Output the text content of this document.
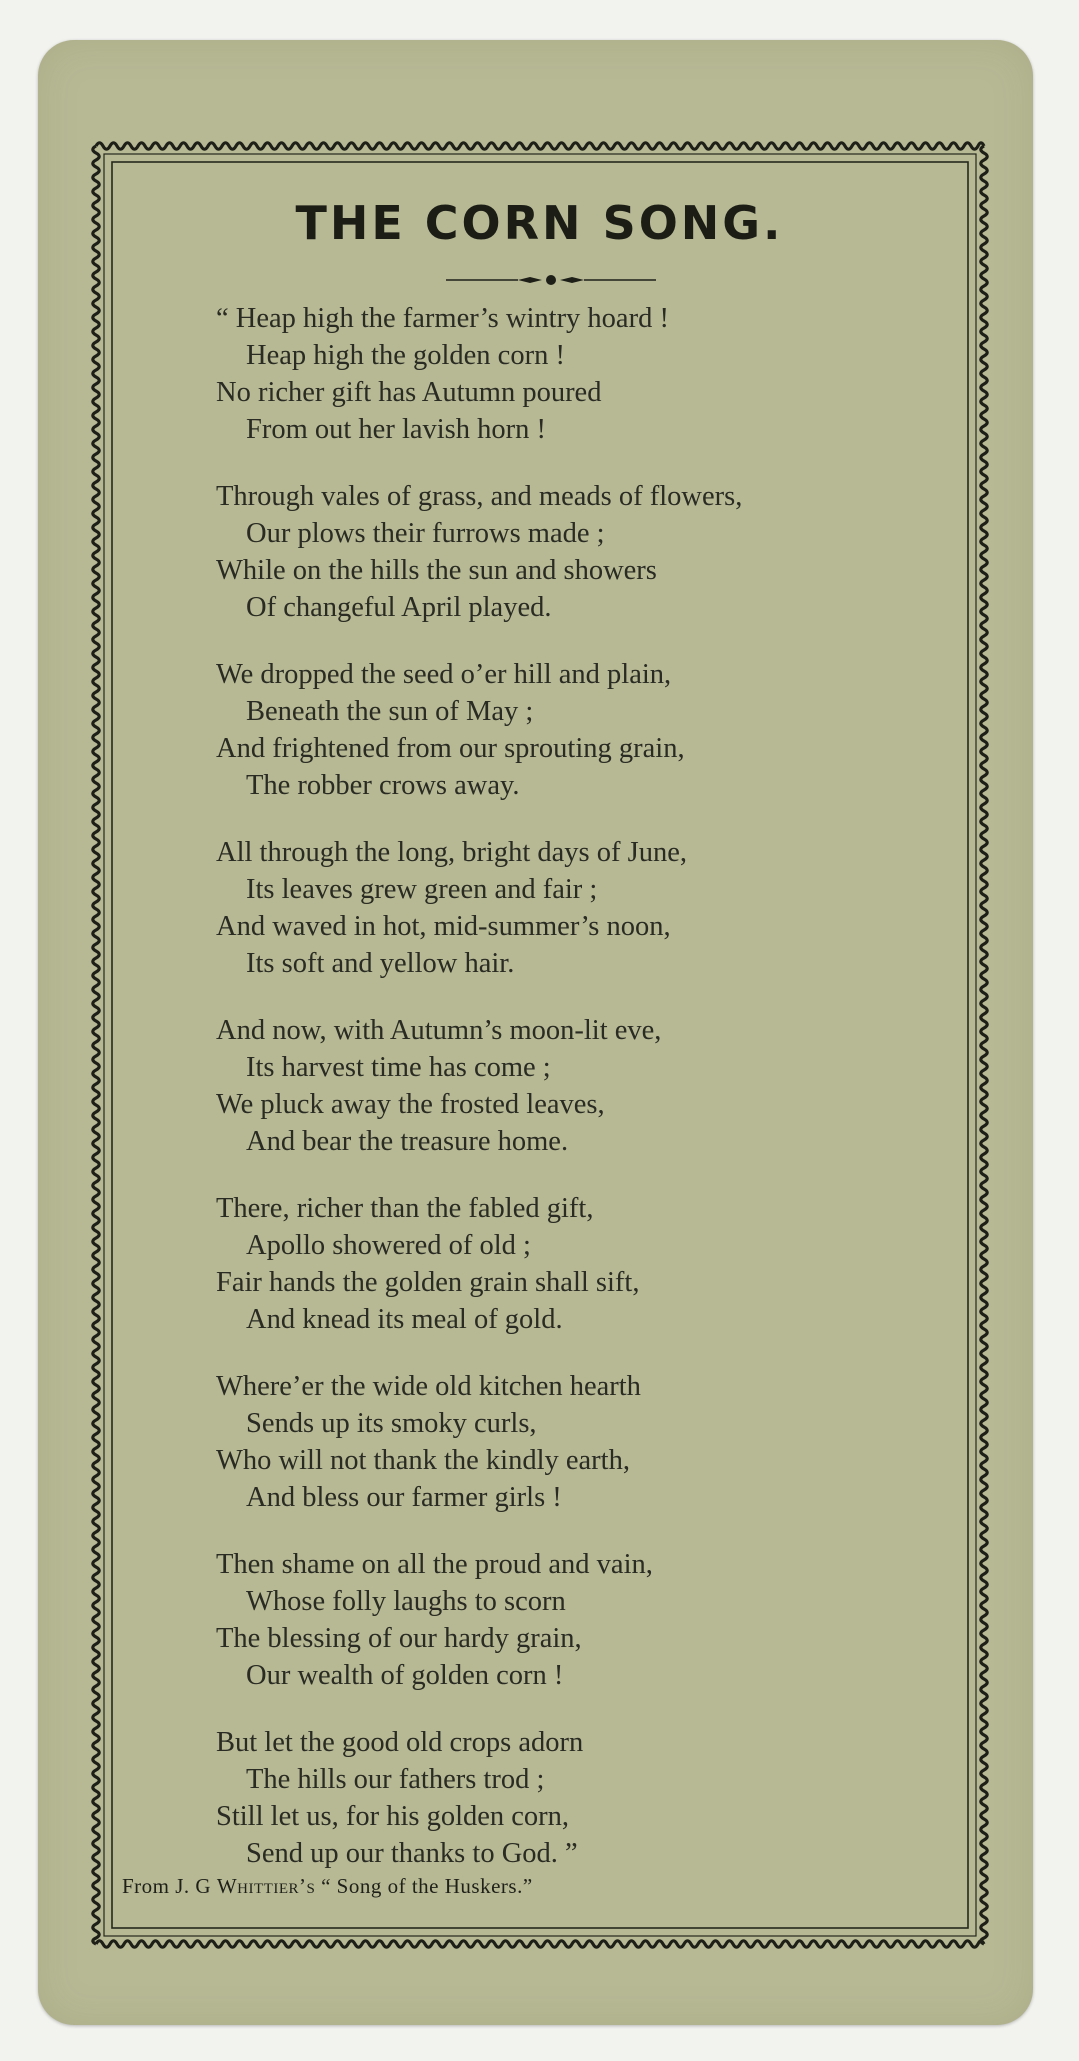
THE CORN SONG.
“ Heap high the farmer’s wintry hoard !
Heap high the golden corn !
No richer gift has Autumn poured
From out her lavish horn !
Through vales of grass, and meads of flowers,
Our plows their furrows made ;
While on the hills the sun and showers
Of changeful April played.
We dropped the seed o’er hill and plain,
Beneath the sun of May ;
And frightened from our sprouting grain,
The robber crows away.
All through the long, bright days of June,
Its leaves grew green and fair ;
And waved in hot, mid-summer’s noon,
Its soft and yellow hair.
And now, with Autumn’s moon-lit eve,
Its harvest time has come ;
We pluck away the frosted leaves,
And bear the treasure home.
There, richer than the fabled gift,
Apollo showered of old ;
Fair hands the golden grain shall sift,
And knead its meal of gold.
Where’er the wide old kitchen hearth
Sends up its smoky curls,
Who will not thank the kindly earth,
And bless our farmer girls !
Then shame on all the proud and vain,
Whose folly laughs to scorn
The blessing of our hardy grain,
Our wealth of golden corn !
But let the good old crops adorn
The hills our fathers trod ;
Still let us, for his golden corn,
Send up our thanks to God. ”
From J. G Whittier’s “ Song of the Huskers.”
